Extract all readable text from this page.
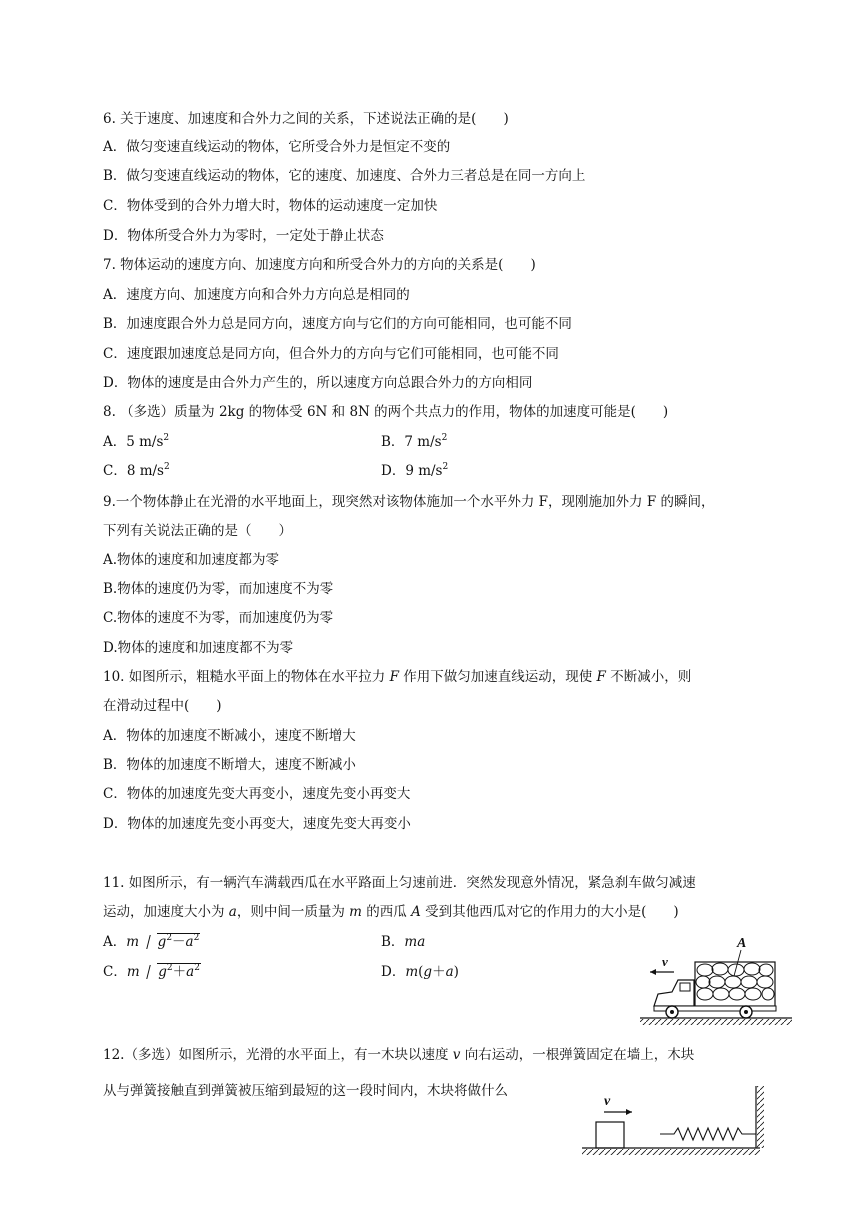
6. 关于速度、加速度和合外力之间的关系，下述说法正确的是(　　)
A．做匀变速直线运动的物体，它所受合外力是恒定不变的
B．做匀变速直线运动的物体，它的速度、加速度、合外力三者总是在同一方向上
C．物体受到的合外力增大时，物体的运动速度一定加快
D．物体所受合外力为零时，一定处于静止状态
7. 物体运动的速度方向、加速度方向和所受合外力的方向的关系是(　　)
A．速度方向、加速度方向和合外力方向总是相同的
B．加速度跟合外力总是同方向，速度方向与它们的方向可能相同，也可能不同
C．速度跟加速度总是同方向，但合外力的方向与它们可能相同，也可能不同
D．物体的速度是由合外力产生的，所以速度方向总跟合外力的方向相同
8. （多选）质量为 2kg 的物体受 6N 和 8N 的两个共点力的作用，物体的加速度可能是(　　)
A．5 $m/s^2$	B．7 $m/s^2$
C．8 $m/s^2$	D．9 $m/s^2$
9.一个物体静止在光滑的水平地面上，现突然对该物体施加一个水平外力 F，现刚施加外力 F 的瞬间，
下列有关说法正确的是（　　）
A.物体的速度和加速度都为零
B.物体的速度仍为零，而加速度不为零
C.物体的速度不为零，而加速度仍为零
D.物体的速度和加速度都不为零
10. 如图所示，粗糙水平面上的物体在水平拉力 F 作用下做匀加速直线运动，现使 F 不断减小，则
在滑动过程中(　　)
A．物体的加速度不断减小，速度不断增大
B．物体的加速度不断增大，速度不断减小
C．物体的加速度先变大再变小，速度先变小再变大
D．物体的加速度先变小再变大，速度先变大再变小
11. 如图所示，有一辆汽车满载西瓜在水平路面上匀速前进．突然发现意外情况，紧急刹车做匀减速
运动，加速度大小为 a，则中间一质量为 m 的西瓜 A 受到其他西瓜对它的作用力的大小是(　　)
A．m $g^2-a^2$	B．ma
C．m $g^2+a^2$	D．m(g＋a)
A
v
12.（多选）如图所示，光滑的水平面上，有一木块以速度 v 向右运动，一根弹簧固定在墙上，木块
从与弹簧接触直到弹簧被压缩到最短的这一段时间内，木块将做什么
v
